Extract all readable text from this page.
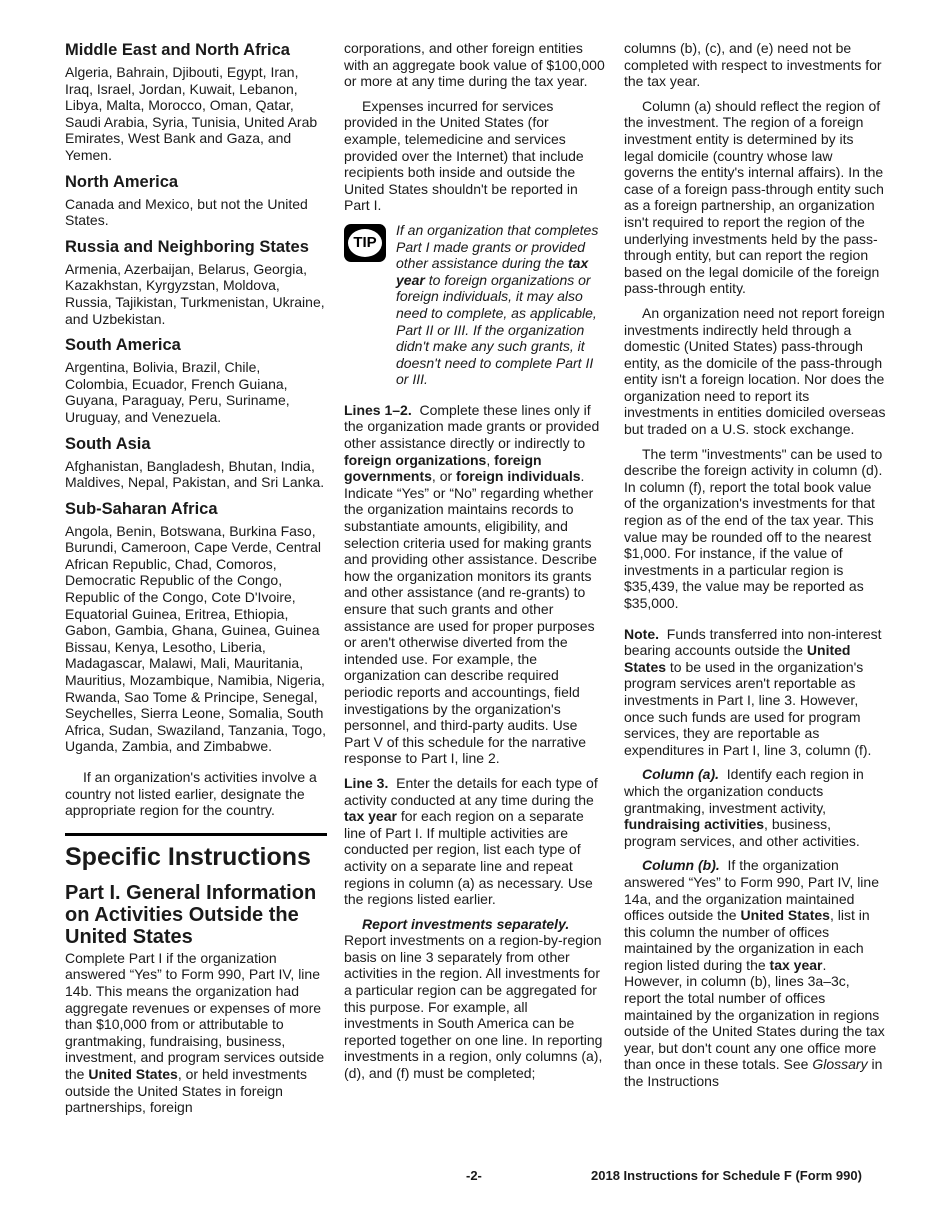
Middle East and North Africa

Algeria, Bahrain, Djibouti, Egypt, Iran, Iraq, Israel, Jordan, Kuwait, Lebanon, Libya, Malta, Morocco, Oman, Qatar, Saudi Arabia, Syria, Tunisia, United Arab Emirates, West Bank and Gaza, and Yemen.

North America

Canada and Mexico, but not the United States.

Russia and Neighboring States

Armenia, Azerbaijan, Belarus, Georgia, Kazakhstan, Kyrgyzstan, Moldova, Russia, Tajikistan, Turkmenistan, Ukraine, and Uzbekistan.

South America

Argentina, Bolivia, Brazil, Chile, Colombia, Ecuador, French Guiana, Guyana, Paraguay, Peru, Suriname, Uruguay, and Venezuela.

South Asia

Afghanistan, Bangladesh, Bhutan, India, Maldives, Nepal, Pakistan, and Sri Lanka.

Sub-Saharan Africa

Angola, Benin, Botswana, Burkina Faso, Burundi, Cameroon, Cape Verde, Central African Republic, Chad, Comoros, Democratic Republic of the Congo, Republic of the Congo, Cote D'Ivoire, Equatorial Guinea, Eritrea, Ethiopia, Gabon, Gambia, Ghana, Guinea, Guinea Bissau, Kenya, Lesotho, Liberia, Madagascar, Malawi, Mali, Mauritania, Mauritius, Mozambique, Namibia, Nigeria, Rwanda, Sao Tome & Principe, Senegal, Seychelles, Sierra Leone, Somalia, South Africa, Sudan, Swaziland, Tanzania, Togo, Uganda, Zambia, and Zimbabwe.

If an organization's activities involve a country not listed earlier, designate the appropriate region for the country.

Specific Instructions
Part I. General Information on Activities Outside the United States

Complete Part I if the organization answered “Yes” to Form 990, Part IV, line 14b. This means the organization had aggregate revenues or expenses of more than $10,000 from or attributable to grantmaking, fundraising, business, investment, and program services outside the United States, or held investments outside the United States in foreign partnerships, foreign

corporations, and other foreign entities with an aggregate book value of $100,000 or more at any time during the tax year.

Expenses incurred for services provided in the United States (for example, telemedicine and services provided over the Internet) that include recipients both inside and outside the United States shouldn't be reported in Part I.

TIP
If an organization that completes Part I made grants or provided other assistance during the tax year to foreign organizations or foreign individuals, it may also need to complete, as applicable, Part II or III. If the organization didn't make any such grants, it doesn't need to complete Part II or III.

Lines 1–2. Complete these lines only if the organization made grants or provided other assistance directly or indirectly to foreign organizations, foreign governments, or foreign individuals. Indicate “Yes” or “No” regarding whether the organization maintains records to substantiate amounts, eligibility, and selection criteria used for making grants and providing other assistance. Describe how the organization monitors its grants and other assistance (and re-grants) to ensure that such grants and other assistance are used for proper purposes or aren't otherwise diverted from the intended use. For example, the organization can describe required periodic reports and accountings, field investigations by the organization's personnel, and third-party audits. Use Part V of this schedule for the narrative response to Part I, line 2.

Line 3. Enter the details for each type of activity conducted at any time during the tax year for each region on a separate line of Part I. If multiple activities are conducted per region, list each type of activity on a separate line and repeat regions in column (a) as necessary. Use the regions listed earlier.

Report investments separately.
Report investments on a region-by-region basis on line 3 separately from other activities in the region. All investments for a particular region can be aggregated for this purpose. For example, all investments in South America can be reported together on one line. In reporting investments in a region, only columns (a), (d), and (f) must be completed;

columns (b), (c), and (e) need not be completed with respect to investments for the tax year.

Column (a) should reflect the region of the investment. The region of a foreign investment entity is determined by its legal domicile (country whose law governs the entity's internal affairs). In the case of a foreign pass-through entity such as a foreign partnership, an organization isn't required to report the region of the underlying investments held by the pass-through entity, but can report the region based on the legal domicile of the foreign pass-through entity.

An organization need not report foreign investments indirectly held through a domestic (United States) pass-through entity, as the domicile of the pass-through entity isn't a foreign location. Nor does the organization need to report its investments in entities domiciled overseas but traded on a U.S. stock exchange.

The term "investments" can be used to describe the foreign activity in column (d). In column (f), report the total book value of the organization's investments for that region as of the end of the tax year. This value may be rounded off to the nearest $1,000. For instance, if the value of investments in a particular region is $35,439, the value may be reported as $35,000.

Note. Funds transferred into non-interest bearing accounts outside the United States to be used in the organization's program services aren't reportable as investments in Part I, line 3. However, once such funds are used for program services, they are reportable as expenditures in Part I, line 3, column (f).

Column (a). Identify each region in which the organization conducts grantmaking, investment activity, fundraising activities, business, program services, and other activities.

Column (b). If the organization answered “Yes” to Form 990, Part IV, line 14a, and the organization maintained offices outside the United States, list in this column the number of offices maintained by the organization in each region listed during the tax year. However, in column (b), lines 3a–3c, report the total number of offices maintained by the organization in regions outside of the United States during the tax year, but don't count any one office more than once in these totals. See Glossary in the Instructions

-2-	2018 Instructions for Schedule F (Form 990)
